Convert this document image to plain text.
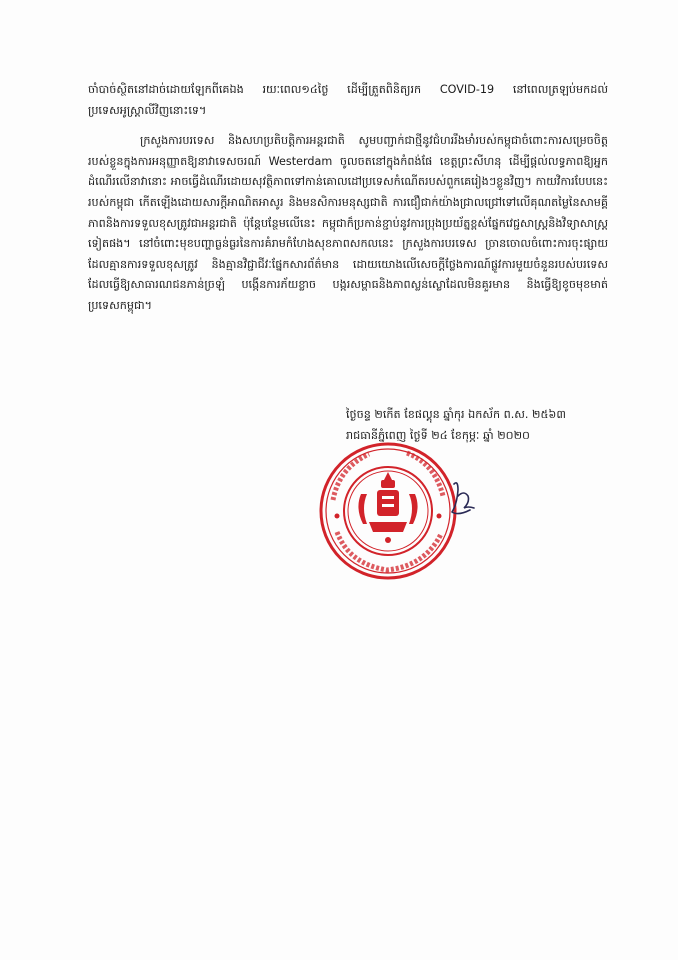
ចាំបាច់ស្ថិតនៅដាច់ដោយឡែកពីគេឯង រយៈពេល១៤ថ្ងៃ ដើម្បីត្រួតពិនិត្យរក COVID-19 នៅពេលត្រឡប់មកដល់ប្រទេសអូស្ត្រាលីវិញនោះទេ។

ក្រសួងការបរទេស និងសហប្រតិបត្តិការអន្តរជាតិ សូមបញ្ជាក់ជាថ្មីនូវជំហររឹងមាំរបស់កម្ពុជាចំពោះការសម្រេចចិត្តរបស់ខ្លួនក្នុងការអនុញ្ញាតឱ្យនាវាទេសចរណ៍ Westerdam ចូលចតនៅក្នុងកំពង់ផែ ខេត្តព្រះសីហនុ ដើម្បីផ្តល់លទ្ធភាពឱ្យអ្នកដំណើរលើនាវានោះ អាចធ្វើដំណើរដោយសុវត្ថិភាពទៅកាន់គោលដៅប្រទេសកំណើតរបស់ពួកគេរៀងៗខ្លួនវិញ។ កាយវិការបែបនេះរបស់កម្ពុជា កើតឡើងដោយសារក្តីអាណិតអាសូរ និងមនសិការមនុស្សជាតិ ការជឿជាក់យ៉ាងជ្រាលជ្រៅទៅលើគុណតម្លៃនៃសាមគ្គីភាពនិងការទទួលខុសត្រូវជាអន្តរជាតិ ប៉ុន្តែបន្ថែមលើនេះ កម្ពុជាក៏ប្រកាន់ខ្ជាប់នូវការប្រុងប្រយ័ត្នខ្ពស់ផ្នែកវេជ្ជសាស្ត្រនិងវិទ្យាសាស្ត្រទៀតផង។ នៅចំពោះមុខបញ្ហាធ្ងន់ធ្ងរនៃការគំរាមកំហែងសុខភាពសកលនេះ ក្រសួងការបរទេស ច្រានចោលចំពោះការចុះផ្សាយដែលគ្មានការទទួលខុសត្រូវ និងគ្មានវិជ្ជាជីវៈផ្នែកសារព័ត៌មាន ដោយយោងលើសេចក្តីថ្លែងការណ៍ផ្លូវការមួយចំនួនរបស់បរទេស ដែលធ្វើឱ្យសាធារណជនភាន់ច្រឡំ បង្កើនការភ័យខ្លាច បង្ករសម្ពាធនិងភាពស្លន់ស្លោដែលមិនគួរមាន និងធ្វើឱ្យខូចមុខមាត់ប្រទេសកម្ពុជា។

ថ្ងៃចន្ទ ២កើត ខែផល្គុន ឆ្នាំកុរ ឯកស័ក ព.ស. ២៥៦៣
រាជធានីភ្នំពេញ ថ្ងៃទី ២៤ ខែកុម្ភៈ ឆ្នាំ ២០២០
